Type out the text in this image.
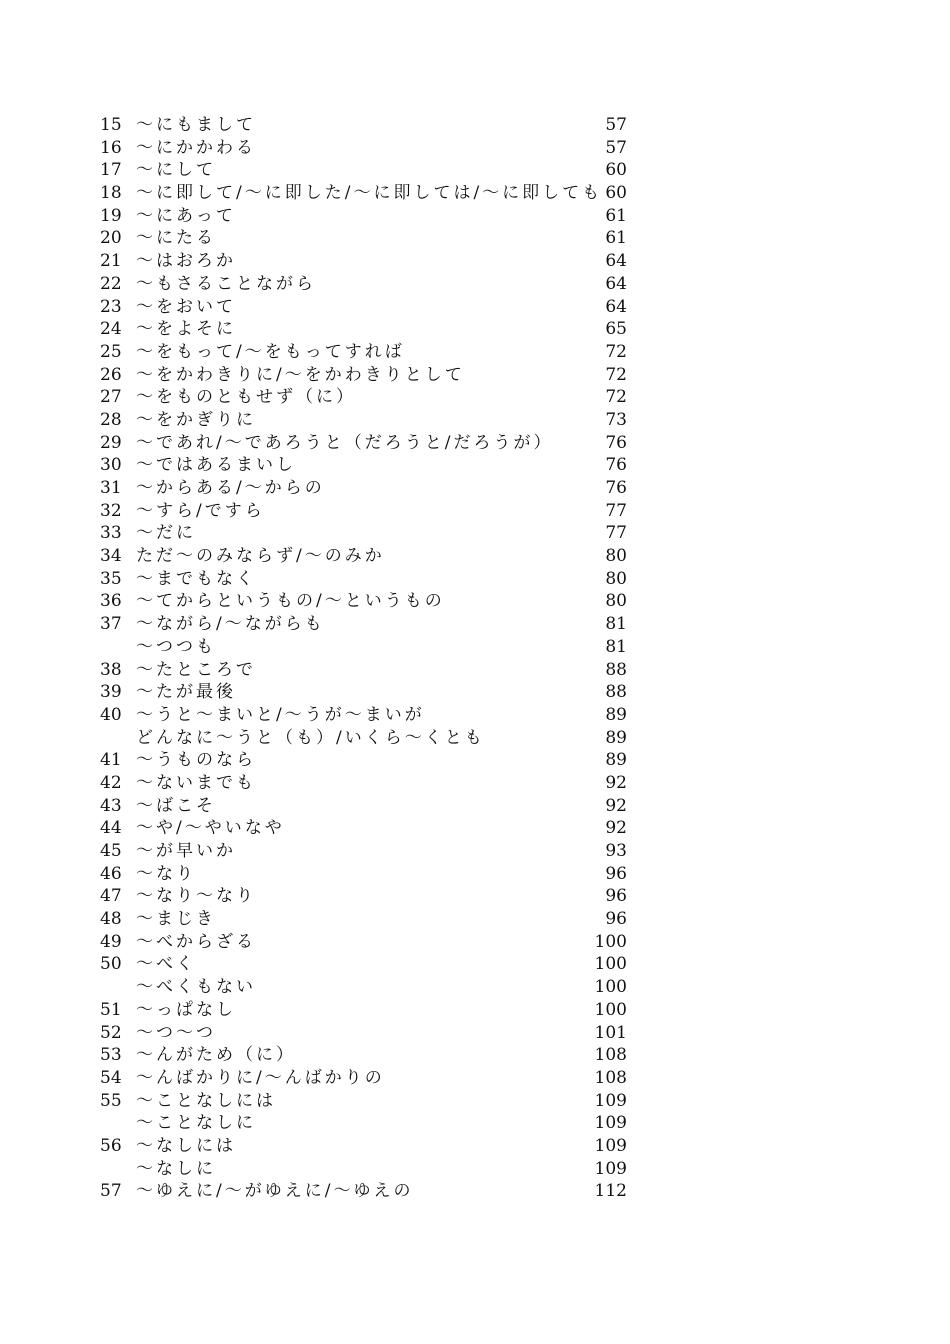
15 ～にもまして	57
16 ～にかかわる	57
17 ～にして	60
18 ～に即して/～に即した/～に即しては/～に即しても 60
19 ～にあって	61
20 ～にたる	61
21 ～はおろか	64
22 ～もさることながら	64
23 ～をおいて	64
24 ～をよそに	65
25 ～をもって/～をもってすれば	72
26 ～をかわきりに/～をかわきりとして	72
27 ～をものともせず（に）	72
28 ～をかぎりに	73
29 ～であれ/～であろうと（だろうと/だろうが）	76
30 ～ではあるまいし	76
31 ～からある/～からの	76
32 ～すら/ですら	77
33 ～だに	77
34 ただ～のみならず/～のみか	80
35 ～までもなく	80
36 ～てからというもの/～というもの	80
37 ～ながら/～ながらも	81
～つつも	81
38 ～たところで	88
39 ～たが最後	88
40 ～うと～まいと/～うが～まいが	89
どんなに～うと（も）/いくら～くとも	89
41 ～うものなら	89
42 ～ないまでも	92
43 ～ばこそ	92
44 ～や/～やいなや	92
45 ～が早いか	93
46 ～なり	96
47 ～なり～なり	96
48 ～まじき	96
49 ～べからざる	100
50 ～べく	100
～べくもない	100
51 ～っぱなし	100
52 ～つ～つ	101
53 ～んがため（に）	108
54 ～んばかりに/～んばかりの	108
55 ～ことなしには	109
～ことなしに	109
56 ～なしには	109
～なしに	109
57 ～ゆえに/～がゆえに/～ゆえの	112
